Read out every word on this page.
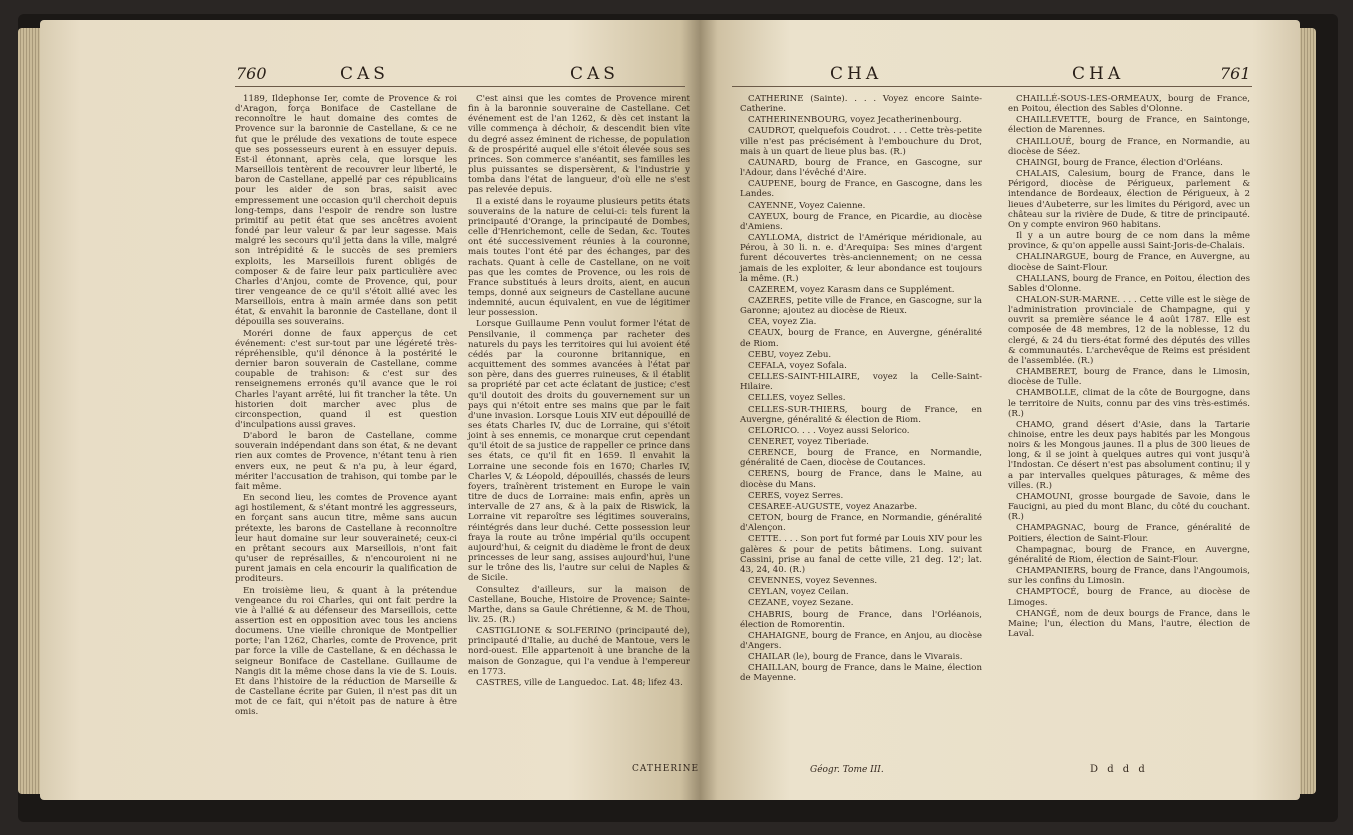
760	CAS	CAS

1189, Ildephonse Ier, comte de Provence & roi d'Aragon, força Boniface de Castellane de reconnoître le haut domaine des comtes de Provence sur la baronnie de Castellane, & ce ne fut que le prélude des vexations de toute espece que ses possesseurs eurent à en essuyer depuis. Est-il étonnant, après cela, que lorsque les Marseillois tentèrent de recouvrer leur liberté, le baron de Castellane, appellé par ces républicains pour les aider de son bras, saisit avec empressement une occasion qu'il cherchoit depuis long-temps, dans l'espoir de rendre son lustre primitif au petit état que ses ancêtres avoient fondé par leur valeur & par leur sagesse. Mais malgré les secours qu'il jetta dans la ville, malgré son intrépidité & le succès de ses premiers exploits, les Marseillois furent obligés de composer & de faire leur paix particulière avec Charles d'Anjou, comte de Provence, qui, pour tirer vengeance de ce qu'il s'étoit allié avec les Marseillois, entra à main armée dans son petit état, & envahit la baronnie de Castellane, dont il dépouilla ses souverains.

Moréri donne de faux apperçus de cet événement: c'est sur-tout par une légéreté très-répréhensible, qu'il dénonce à la postérité le dernier baron souverain de Castellane, comme coupable de trahison: & c'est sur des renseignemens erronés qu'il avance que le roi Charles l'ayant arrêté, lui fit trancher la tête. Un historien doit marcher avec plus de circonspection, quand il est question d'inculpations aussi graves.

D'abord le baron de Castellane, comme souverain indépendant dans son état, & ne devant rien aux comtes de Provence, n'étant tenu à rien envers eux, ne peut & n'a pu, à leur égard, mériter l'accusation de trahison, qui tombe par le fait même.

En second lieu, les comtes de Provence ayant agi hostilement, & s'étant montré les aggresseurs, en forçant sans aucun titre, même sans aucun prétexte, les barons de Castellane à reconnoître leur haut domaine sur leur souveraineté; ceux-ci en prêtant secours aux Marseillois, n'ont fait qu'user de représailles, & n'encouroient ni ne purent jamais en cela encourir la qualification de proditeurs.

En troisième lieu, & quant à la prétendue vengeance du roi Charles, qui ont fait perdre la vie à l'allié & au défenseur des Marseillois, cette assertion est en opposition avec tous les anciens documens. Une vieille chronique de Montpellier porte; l'an 1262, Charles, comte de Provence, prit par force la ville de Castellane, & en déchassa le seigneur Boniface de Castellane. Guillaume de Nangis dit la même chose dans la vie de S. Louis. Et dans l'histoire de la réduction de Marseille & de Castellane écrite par Guien, il n'est pas dit un mot de ce fait, qui n'étoit pas de nature à être omis.

C'est ainsi que les comtes de Provence mirent fin à la baronnie souveraine de Castellane. Cet événement est de l'an 1262, & dès cet instant la ville commença à déchoir, & descendit bien vîte du degré assez éminent de richesse, de population & de prospérité auquel elle s'étoit élevée sous ses princes. Son commerce s'anéantit, ses familles les plus puissantes se dispersèrent, & l'industrie y tomba dans l'état de langueur, d'où elle ne s'est pas relevée depuis.

Il a existé dans le royaume plusieurs petits états souverains de la nature de celui-ci: tels furent la principauté d'Orange, la principauté de Dombes, celle d'Henrichemont, celle de Sedan, &c. Toutes ont été successivement réunies à la couronne, mais toutes l'ont été par des échanges, par des rachats. Quant à celle de Castellane, on ne voit pas que les comtes de Provence, ou les rois de France substitués à leurs droits, aient, en aucun temps, donné aux seigneurs de Castellane aucune indemnité, aucun équivalent, en vue de légitimer leur possession.

Lorsque Guillaume Penn voulut former l'état de Pensilvanie, il commença par racheter des naturels du pays les territoires qui lui avoient été cédés par la couronne britannique, en acquittement des sommes avancées à l'état par son père, dans des guerres ruineuses, & il établit sa propriété par cet acte éclatant de justice; c'est qu'il doutoit des droits du gouvernement sur un pays qui n'étoit entre ses mains que par le fait d'une invasion. Lorsque Louis XIV eut dépouillé de ses états Charles IV, duc de Lorraine, qui s'étoit joint à ses ennemis, ce monarque crut cependant qu'il étoit de sa justice de rappeller ce prince dans ses états, ce qu'il fit en 1659. Il envahit la Lorraine une seconde fois en 1670; Charles IV, Charles V, & Léopold, dépouillés, chassés de leurs foyers, traînèrent tristement en Europe le vain titre de ducs de Lorraine: mais enfin, après un intervalle de 27 ans, & à la paix de Riswick, la Lorraine vit reparoître ses légitimes souverains, réintégrés dans leur duché. Cette possession leur fraya la route au trône impérial qu'ils occupent aujourd'hui, & ceignit du diadème le front de deux princesses de leur sang, assises aujourd'hui, l'une sur le trône des lis, l'autre sur celui de Naples & de Sicile.

Consultez d'ailleurs, sur la maison de Castellane, Bouche, Histoire de Provence; Sainte-Marthe, dans sa Gaule Chrétienne, & M. de Thou, liv. 25. (R.)

CASTIGLIONE & SOLFERINO (principauté de), principauté d'Italie, au duché de Mantoue, vers le nord-ouest. Elle appartenoit à une branche de la maison de Gonzague, qui l'a vendue à l'empereur en 1773.

CASTRES, ville de Languedoc. Lat. 48; lifez 43.

CATHERINE
CHA	CHA	761

CATHERINE (Sainte). . . . Voyez encore Sainte-Catherine.

CATHERINENBOURG, voyez Jecatherinenbourg.

CAUDROT, quelquefois Coudrot. . . . Cette très-petite ville n'est pas précisément à l'embouchure du Drot, mais à un quart de lieue plus bas. (R.)

CAUNARD, bourg de France, en Gascogne, sur l'Adour, dans l'évêché d'Aire.

CAUPENE, bourg de France, en Gascogne, dans les Landes.

CAYENNE, Voyez Caienne.

CAYEUX, bourg de France, en Picardie, au diocèse d'Amiens.

CAYLLOMA, district de l'Amérique méridionale, au Pérou, à 30 li. n. e. d'Arequipa: Ses mines d'argent furent découvertes très-anciennement; on ne cessa jamais de les exploiter, & leur abondance est toujours la même. (R.)

CAZEREM, voyez Karasm dans ce Supplément.

CAZERES, petite ville de France, en Gascogne, sur la Garonne; ajoutez au diocèse de Rieux.

CEA, voyez Zia.

CEAUX, bourg de France, en Auvergne, généralité de Riom.

CEBU, voyez Zebu.

CEFALA, voyez Sofala.

CELLES-SAINT-HILAIRE, voyez la Celle-Saint-Hilaire.

CELLES, voyez Selles.

CELLES-SUR-THIERS, bourg de France, en Auvergne, généralité & élection de Riom.

CELORICO. . . . Voyez aussi Selorico.

CENERET, voyez Tiberiade.

CERENCE, bourg de France, en Normandie, généralité de Caen, diocèse de Coutances.

CERENS, bourg de France, dans le Maine, au diocèse du Mans.

CERES, voyez Serres.

CESAREE-AUGUSTE, voyez Anazarbe.

CETON, bourg de France, en Normandie, généralité d'Alençon.

CETTE. . . . Son port fut formé par Louis XIV pour les galères & pour de petits bâtimens. Long. suivant Cassini, prise au fanal de cette ville, 21 deg. 12'; lat. 43, 24, 40. (R.)

CEVENNES, voyez Sevennes.

CEYLAN, voyez Ceilan.

CEZANE, voyez Sezane.

CHABRIS, bourg de France, dans l'Orléanois, élection de Romorentin.

CHAHAIGNE, bourg de France, en Anjou, au diocèse d'Angers.

CHAILAR (le), bourg de France, dans le Vivarais.

CHAILLAN, bourg de France, dans le Maine, élection de Mayenne.

CHAILLÉ-SOUS-LES-ORMEAUX, bourg de France, en Poitou, élection des Sables d'Olonne.

CHAILLEVETTE, bourg de France, en Saintonge, élection de Marennes.

CHAILLOUÉ, bourg de France, en Normandie, au diocèse de Séez.

CHAINGI, bourg de France, élection d'Orléans.

CHALAIS, Calesium, bourg de France, dans le Périgord, diocèse de Périgueux, parlement & intendance de Bordeaux, élection de Périgueux, à 2 lieues d'Aubeterre, sur les limites du Périgord, avec un château sur la rivière de Dude, & titre de principauté. On y compte environ 960 habitans.

Il y a un autre bourg de ce nom dans la même province, & qu'on appelle aussi Saint-Joris-de-Chalais.

CHALINARGUE, bourg de France, en Auvergne, au diocèse de Saint-Flour.

CHALLANS, bourg de France, en Poitou, élection des Sables d'Olonne.

CHALON-SUR-MARNE. . . . Cette ville est le siège de l'administration provinciale de Champagne, qui y ouvrit sa première séance le 4 août 1787. Elle est composée de 48 membres, 12 de la noblesse, 12 du clergé, & 24 du tiers-état formé des députés des villes & communautés. L'archevêque de Reims est président de l'assemblée. (R.)

CHAMBERET, bourg de France, dans le Limosin, diocèse de Tulle.

CHAMBOLLE, climat de la côte de Bourgogne, dans le territoire de Nuits, connu par des vins très-estimés. (R.)

CHAMO, grand désert d'Asie, dans la Tartarie chinoise, entre les deux pays habités par les Mongous noirs & les Mongous jaunes. Il a plus de 300 lieues de long, & il se joint à quelques autres qui vont jusqu'à l'Indostan. Ce désert n'est pas absolument continu; il y a par intervalles quelques pâturages, & même des villes. (R.)

CHAMOUNI, grosse bourgade de Savoie, dans le Faucigni, au pied du mont Blanc, du côté du couchant. (R.)

CHAMPAGNAC, bourg de France, généralité de Poitiers, élection de Saint-Flour.

Champagnac, bourg de France, en Auvergne, généralité de Riom, élection de Saint-Flour.

CHAMPANIERS, bourg de France, dans l'Angoumois, sur les confins du Limosin.

CHAMPTOCÉ, bourg de France, au diocèse de Limoges.

CHANGÉ, nom de deux bourgs de France, dans le Maine; l'un, élection du Mans, l'autre, élection de Laval.

Géogr. Tome III.	D d d d
